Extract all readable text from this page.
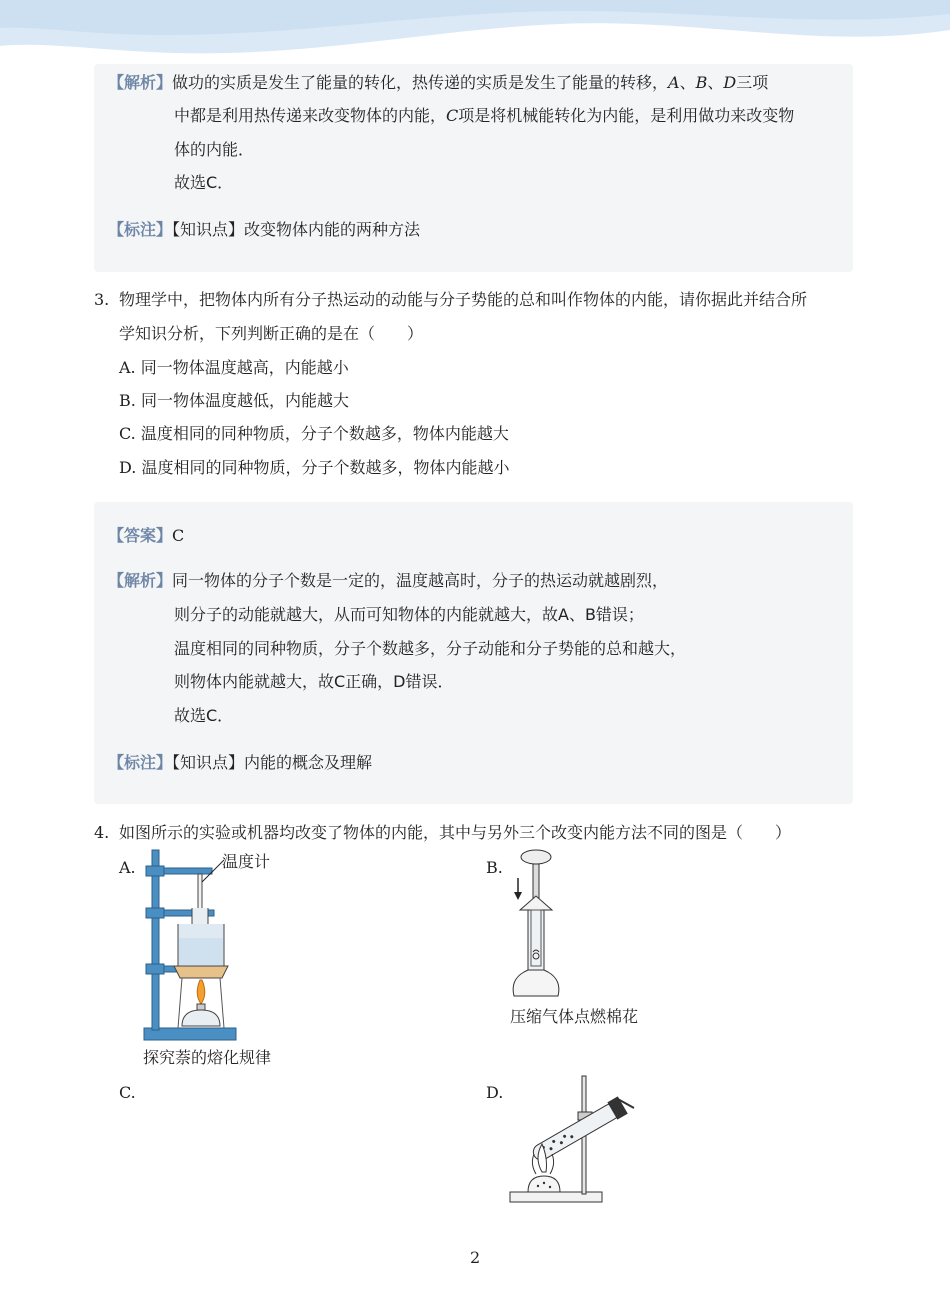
【解析】做功的实质是发生了能量的转化，热传递的实质是发生了能量的转移，A、B、D三项
中都是利用热传递来改变物体的内能，C项是将机械能转化为内能，是利用做功来改变物
体的内能．
故选C．
【标注】【知识点】改变物体内能的两种方法
3. 物理学中，把物体内所有分子热运动的动能与分子势能的总和叫作物体的内能，请你据此并结合所
学知识分析，下列判断正确的是在（　　）
A. 同一物体温度越高，内能越小
B. 同一物体温度越低，内能越大
C. 温度相同的同种物质，分子个数越多，物体内能越大
D. 温度相同的同种物质，分子个数越多，物体内能越小
【答案】C
【解析】同一物体的分子个数是一定的，温度越高时，分子的热运动就越剧烈，
则分子的动能就越大，从而可知物体的内能就越大，故A、B错误；
温度相同的同种物质，分子个数越多，分子动能和分子势能的总和越大，
则物体内能就越大，故C正确，D错误．
故选C．
【标注】【知识点】内能的概念及理解
4. 如图所示的实验或机器均改变了物体的内能，其中与另外三个改变内能方法不同的图是（　　）
A.	温度计
探究萘的熔化规律
B.
压缩气体点燃棉花
C.	D.
2
